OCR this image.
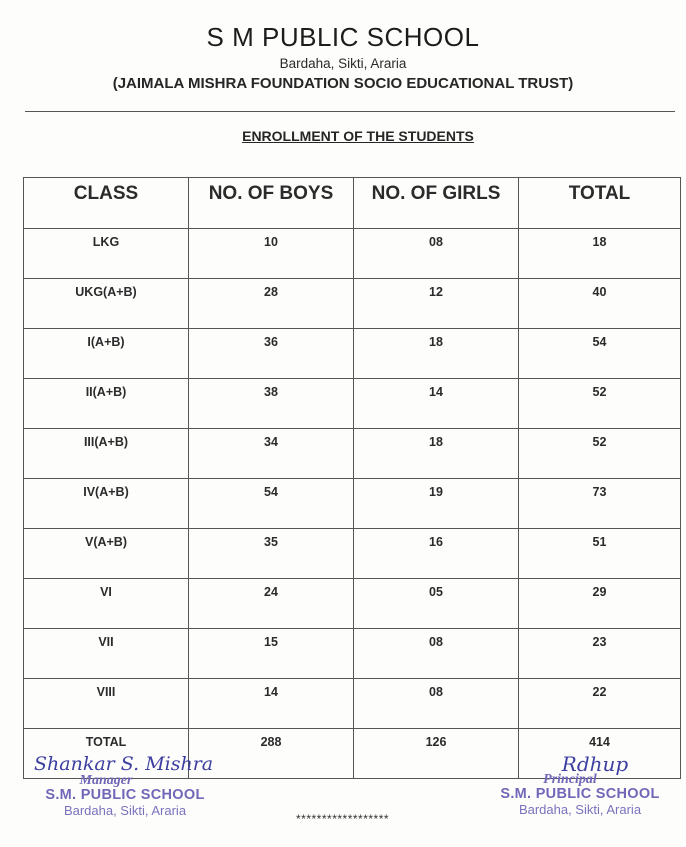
S M PUBLIC SCHOOL
Bardaha, Sikti, Araria
(JAIMALA MISHRA FOUNDATION SOCIO EDUCATIONAL TRUST)
ENROLLMENT OF THE STUDENTS
CLASS	NO. OF BOYS	NO. OF GIRLS	TOTAL
LKG	10	08	18
UKG(A+B)	28	12	40
I(A+B)	36	18	54
II(A+B)	38	14	52
III(A+B)	34	18	52
IV(A+B)	54	19	73
V(A+B)	35	16	51
VI	24	05	29
VII	15	08	23
VIII	14	08	22
TOTAL	288	126	414
Shankar S. Mishra
Manager
S.M. PUBLIC SCHOOL
Bardaha, Sikti, Araria
Rdhup
Principal
S.M. PUBLIC SCHOOL
Bardaha, Sikti, Araria
******************
